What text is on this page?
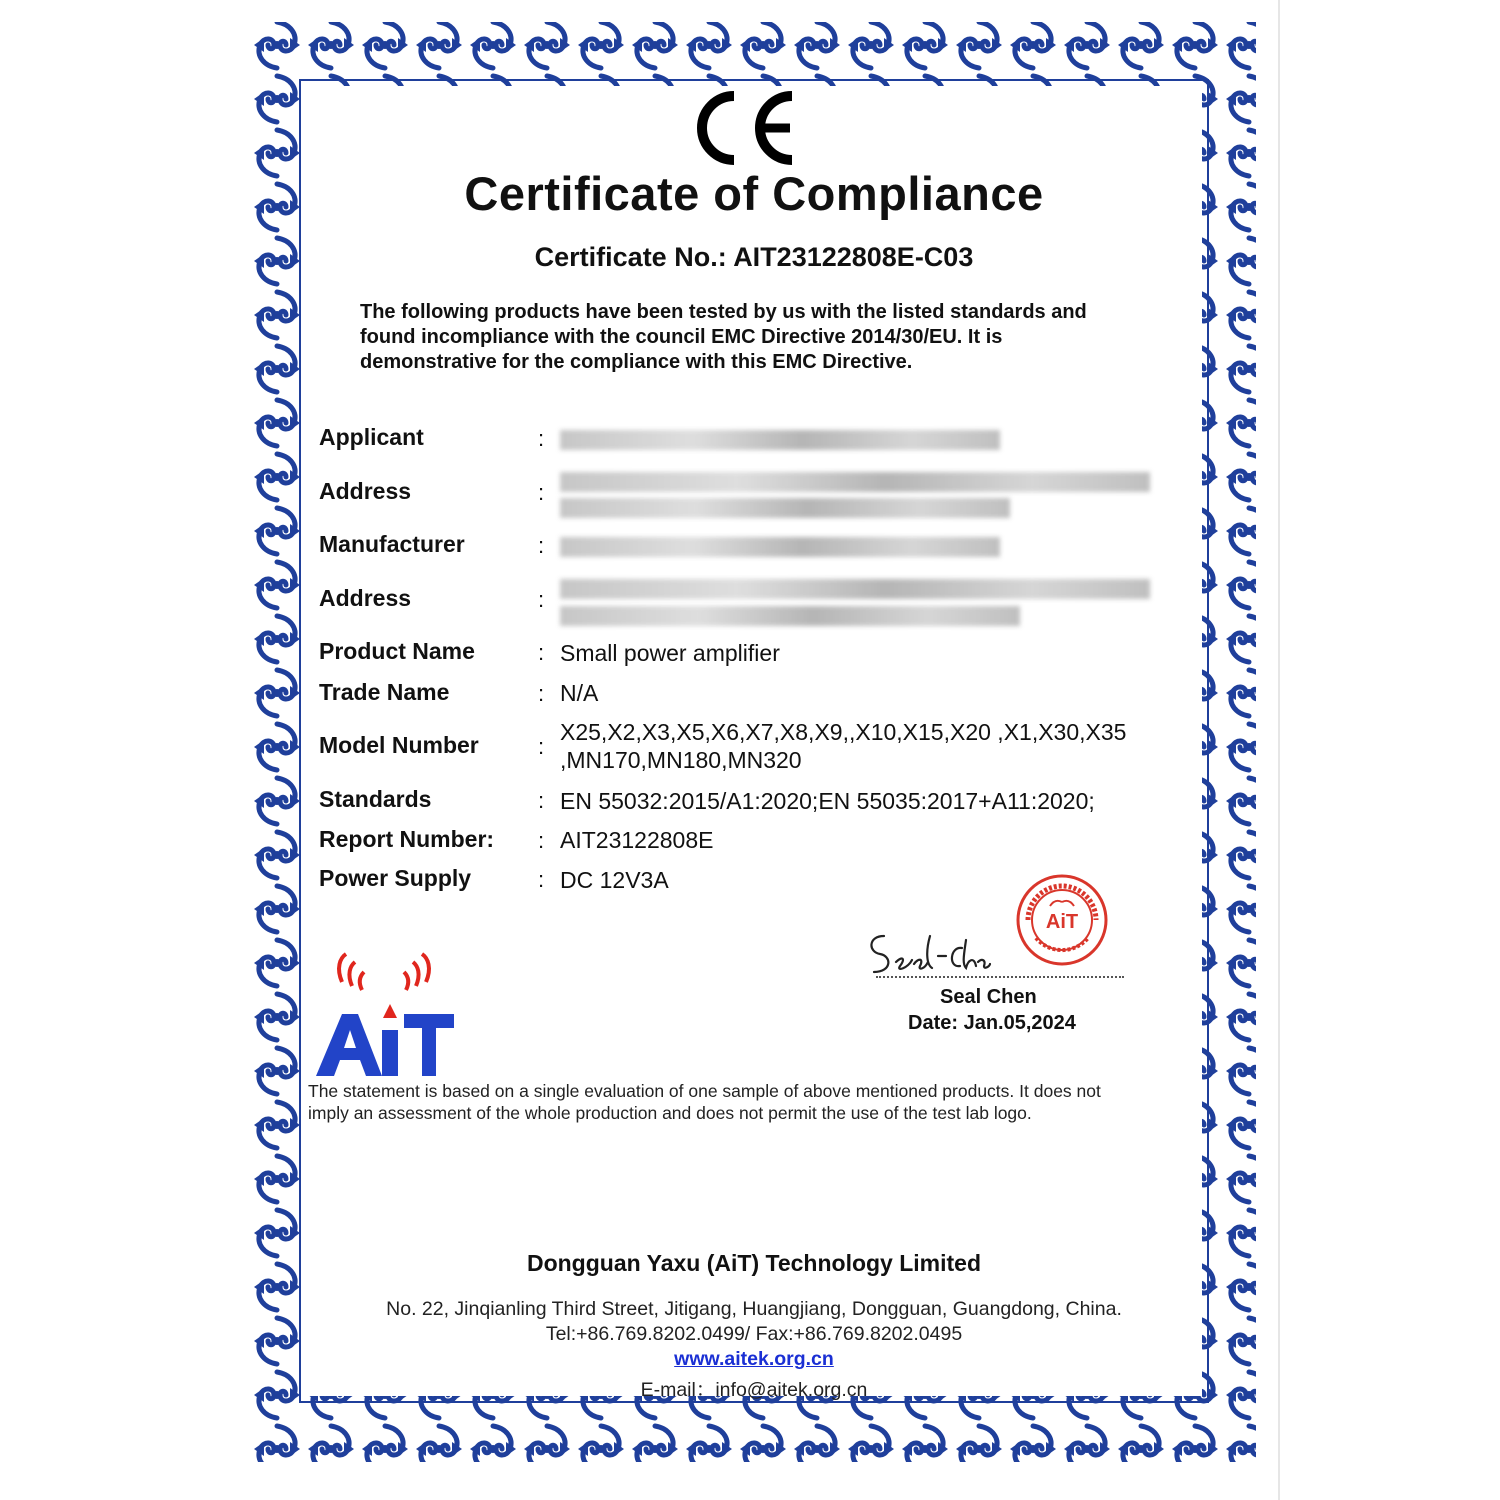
Certificate of Compliance
Certificate No.: AIT23122808E-C03
The following products have been tested by us with the listed standards and
found incompliance with the council EMC Directive 2014/30/EU. It is
demonstrative for the compliance with this EMC Directive.
Applicant	:
Address	:
Manufacturer	:
Address	:
Product Name	: Small power amplifier
Trade Name	: N/A
Model Number	:
X25,X2,X3,X5,X6,X7,X8,X9,,X10,X15,X20 ,X1,X30,X35
,MN170,MN180,MN320
Standards	: EN 55032:2015/A1:2020;EN 55035:2017+A11:2020;
Report Number: : AIT23122808E
Power Supply	: DC 12V3A
AiT
Seal Chen
Date: Jan.05,2024
The statement is based on a single evaluation of one sample of above mentioned products. It does not
imply an assessment of the whole production and does not permit the use of the test lab logo.
Dongguan Yaxu (AiT) Technology Limited
No. 22, Jinqianling Third Street, Jitigang, Huangjiang, Dongguan, Guangdong, China.
Tel:+86.769.8202.0499/ Fax:+86.769.8202.0495
www.aitek.org.cn
E-mail：info@aitek.org.cn
